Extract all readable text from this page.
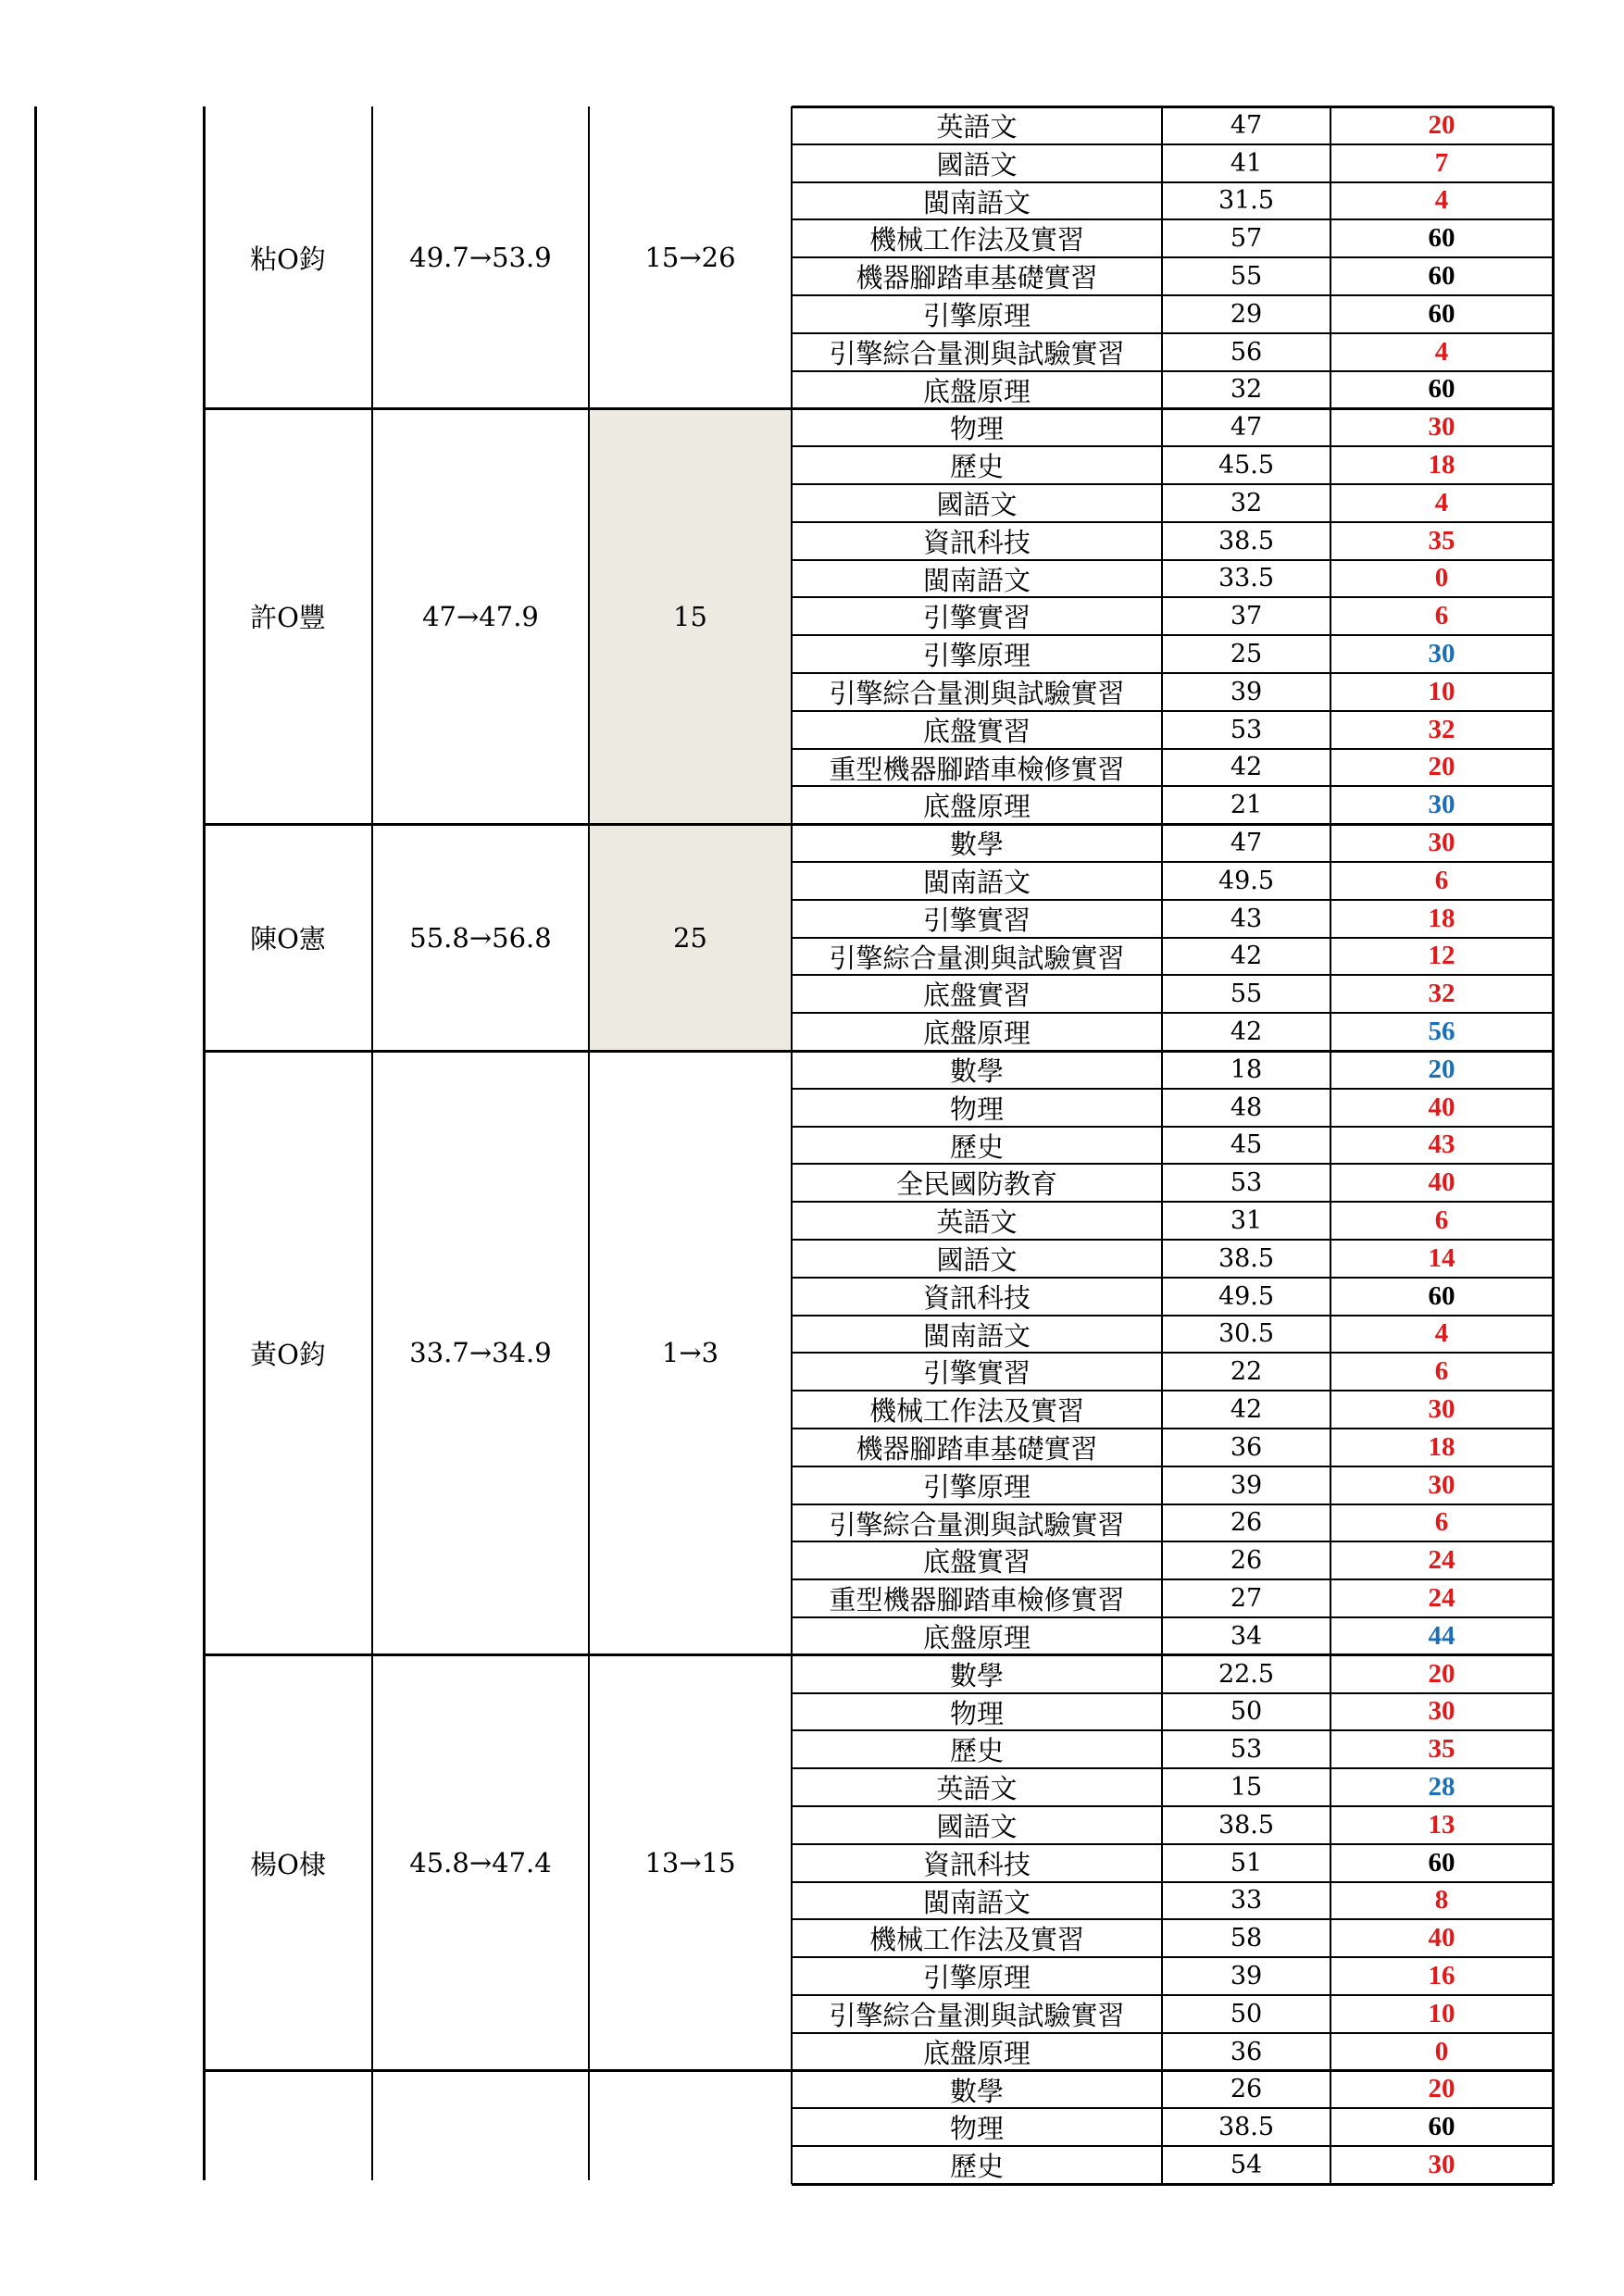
粘O鈞	49.7→53.9	15→26
英語文	47	20
國語文	41	7
閩南語文	31.5	4
機械工作法及實習	57	60
機器腳踏車基礎實習	55	60
引擎原理	29	60
引擎綜合量測與試驗實習	56	4
底盤原理	32	60
許O豐	47→47.9	15
物理	47	30
歷史	45.5	18
國語文	32	4
資訊科技	38.5	35
閩南語文	33.5	0
引擎實習	37	6
引擎原理	25	30
引擎綜合量測與試驗實習	39	10
底盤實習	53	32
重型機器腳踏車檢修實習	42	20
底盤原理	21	30
陳O憲	55.8→56.8	25
數學	47	30
閩南語文	49.5	6
引擎實習	43	18
引擎綜合量測與試驗實習	42	12
底盤實習	55	32
底盤原理	42	56
黃O鈞	33.7→34.9	1→3
數學	18	20
物理	48	40
歷史	45	43
全民國防教育	53	40
英語文	31	6
國語文	38.5	14
資訊科技	49.5	60
閩南語文	30.5	4
引擎實習	22	6
機械工作法及實習	42	30
機器腳踏車基礎實習	36	18
引擎原理	39	30
引擎綜合量測與試驗實習	26	6
底盤實習	26	24
重型機器腳踏車檢修實習	27	24
底盤原理	34	44
楊O棣	45.8→47.4	13→15
數學	22.5	20
物理	50	30
歷史	53	35
英語文	15	28
國語文	38.5	13
資訊科技	51	60
閩南語文	33	8
機械工作法及實習	58	40
引擎原理	39	16
引擎綜合量測與試驗實習	50	10
底盤原理	36	0
數學	26	20
物理	38.5	60
歷史	54	30
